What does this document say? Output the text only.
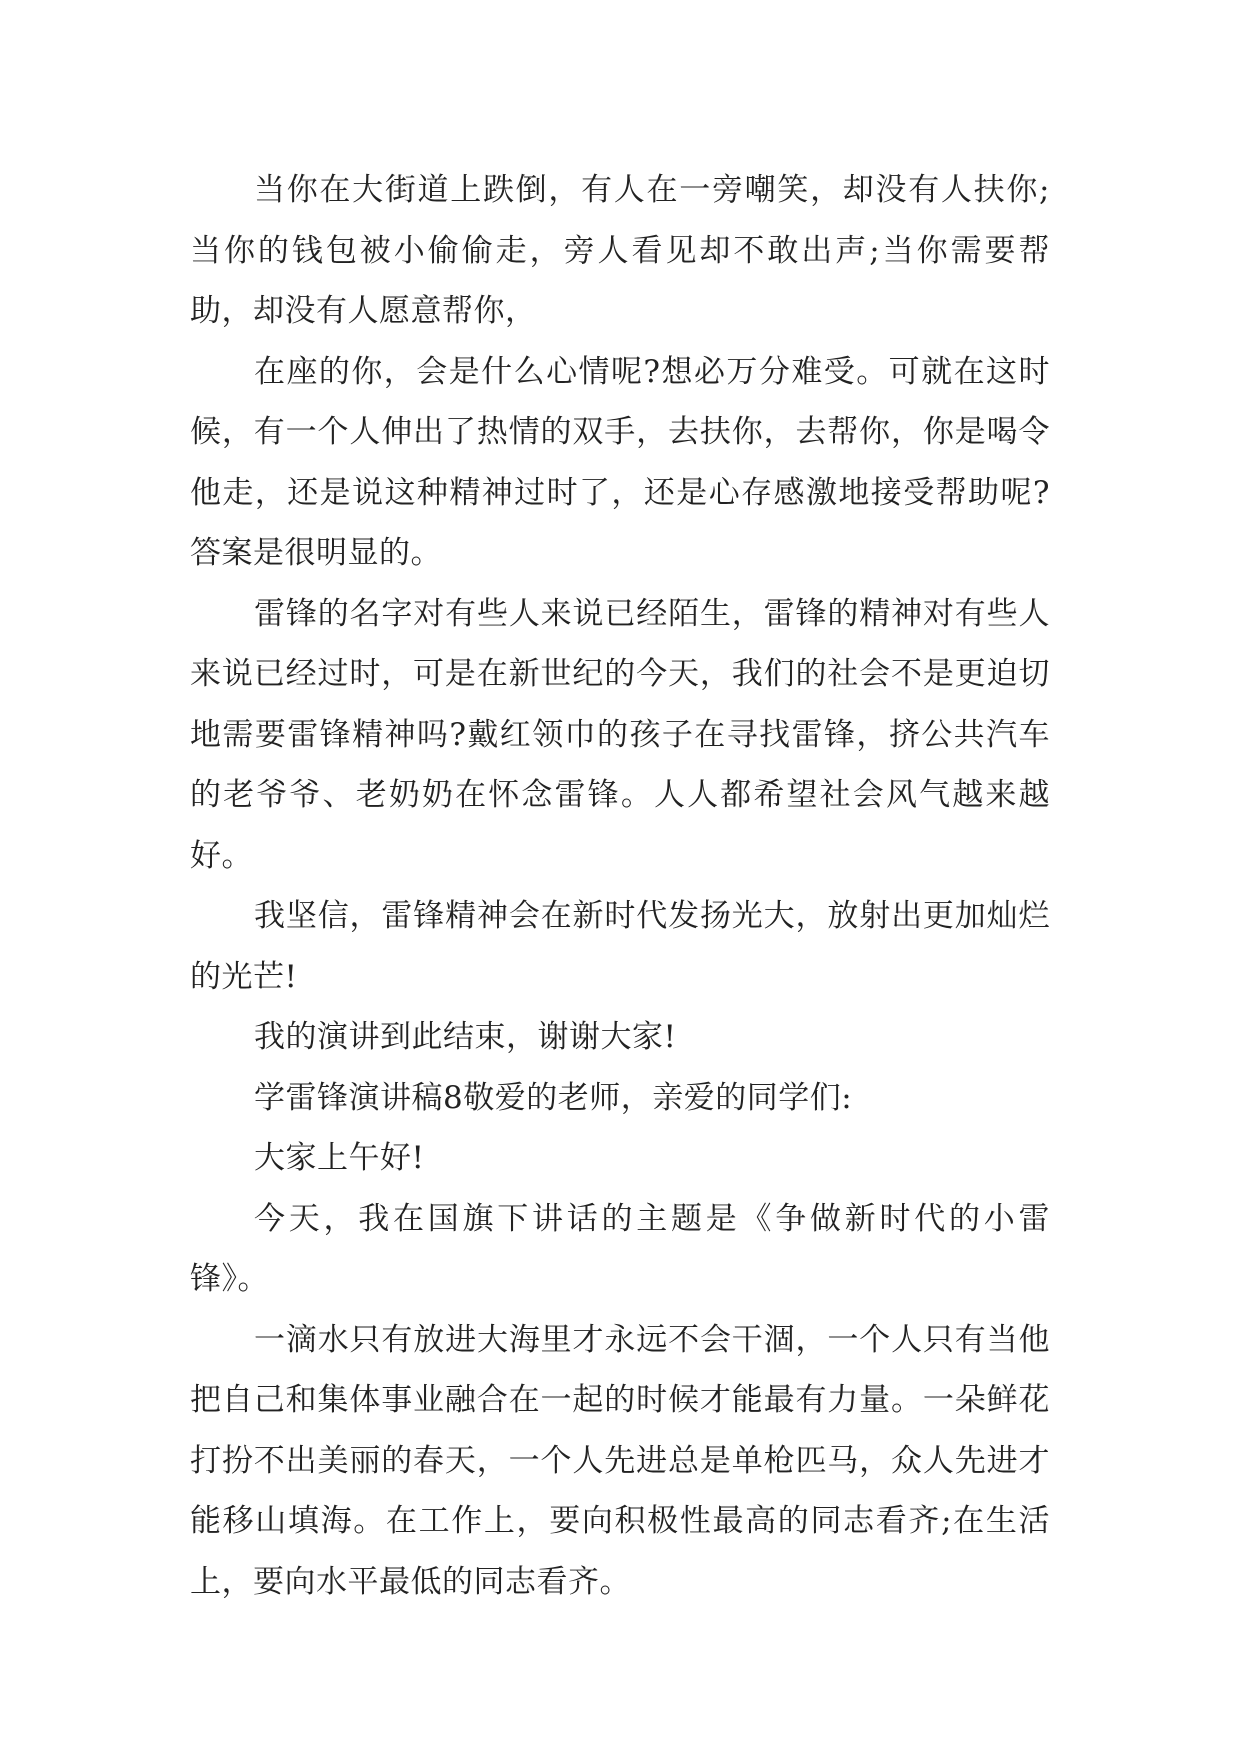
当你在大街道上跌倒，有人在一旁嘲笑，却没有人扶你;当你的钱包被小偷偷走，旁人看见却不敢出声;当你需要帮助，却没有人愿意帮你，

在座的你，会是什么心情呢?想必万分难受。可就在这时候，有一个人伸出了热情的双手，去扶你，去帮你，你是喝令他走，还是说这种精神过时了，还是心存感激地接受帮助呢?答案是很明显的。

雷锋的名字对有些人来说已经陌生，雷锋的精神对有些人来说已经过时，可是在新世纪的今天，我们的社会不是更迫切地需要雷锋精神吗?戴红领巾的孩子在寻找雷锋，挤公共汽车的老爷爷、老奶奶在怀念雷锋。人人都希望社会风气越来越好。

我坚信，雷锋精神会在新时代发扬光大，放射出更加灿烂的光芒!

我的演讲到此结束，谢谢大家!

学雷锋演讲稿8敬爱的老师，亲爱的同学们:

大家上午好!

今天，我在国旗下讲话的主题是《争做新时代的小雷锋》。

一滴水只有放进大海里才永远不会干涸，一个人只有当他把自己和集体事业融合在一起的时候才能最有力量。一朵鲜花打扮不出美丽的春天，一个人先进总是单枪匹马，众人先进才能移山填海。在工作上，要向积极性最高的同志看齐;在生活上，要向水平最低的同志看齐。
